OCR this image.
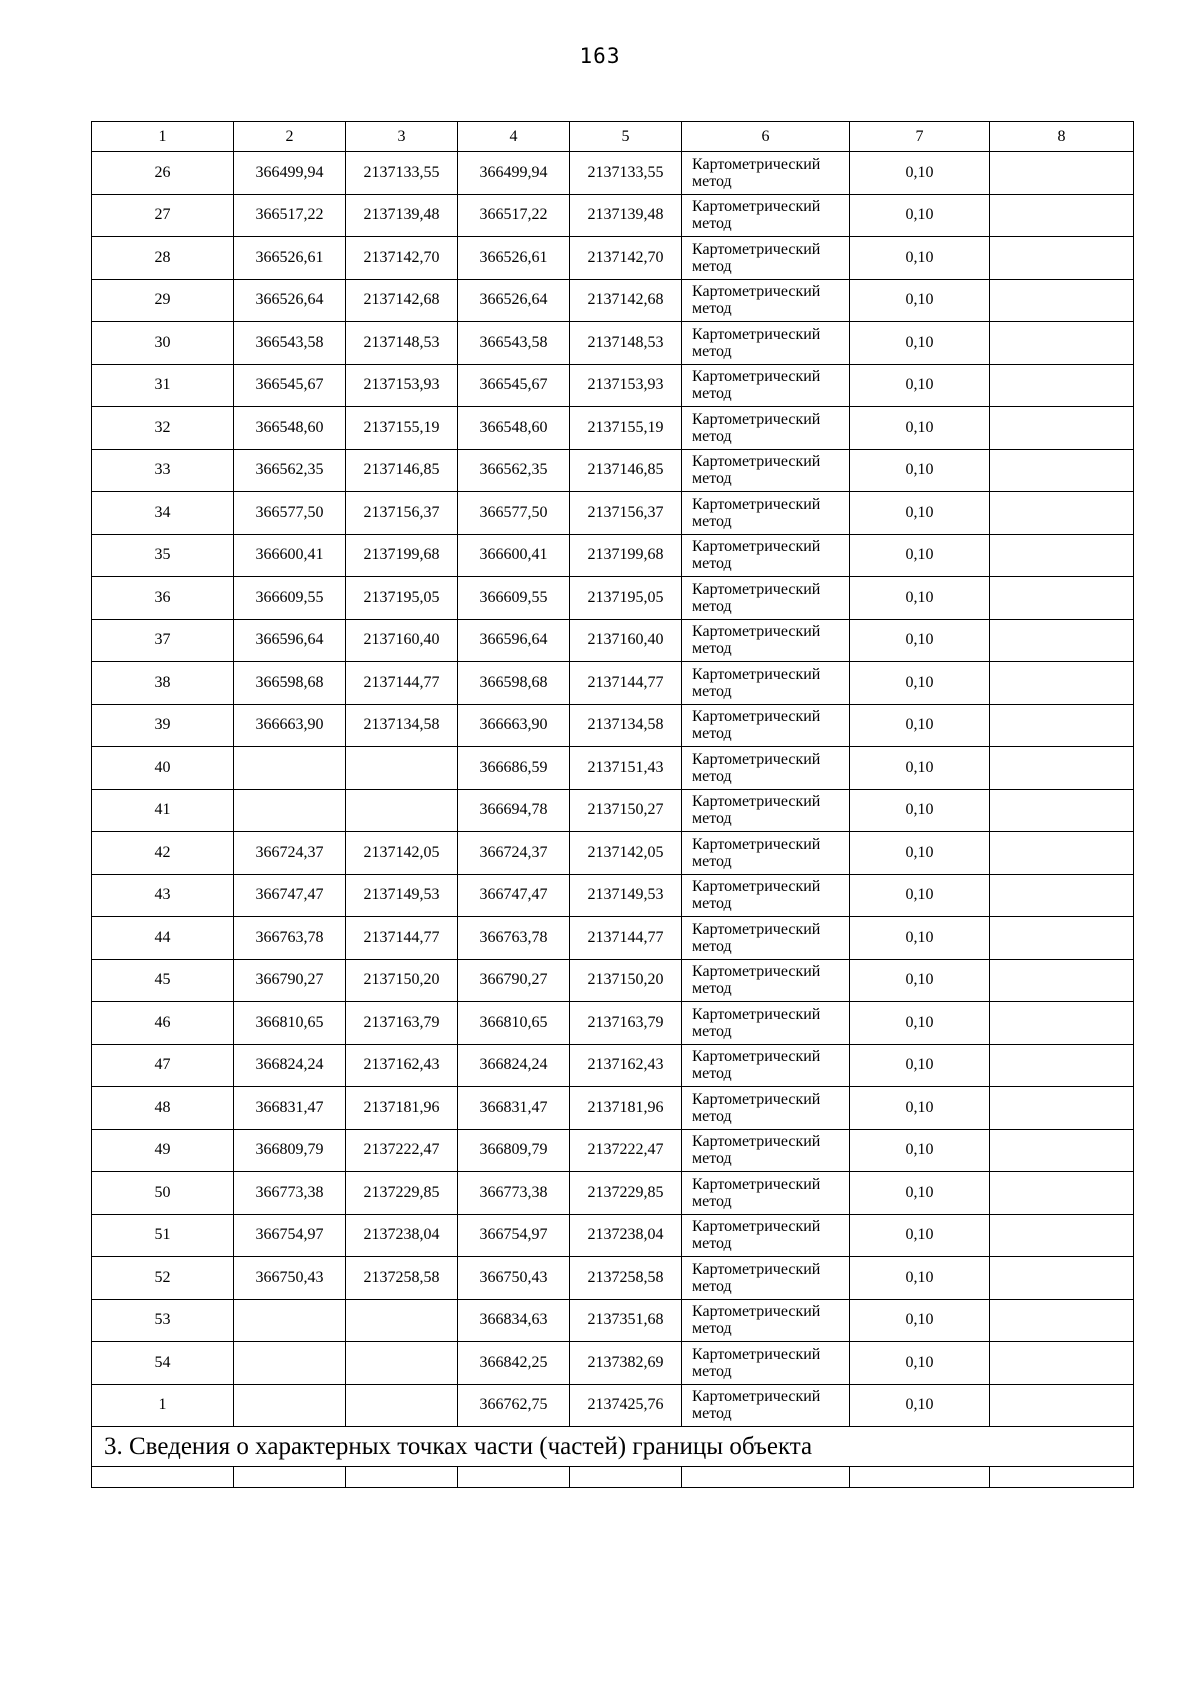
163
1	2	3	4	5	6	7	8
26	366499,94	2137133,55	366499,94	2137133,55	Картометрический метод	0,10	
27	366517,22	2137139,48	366517,22	2137139,48	Картометрический метод	0,10	
28	366526,61	2137142,70	366526,61	2137142,70	Картометрический метод	0,10	
29	366526,64	2137142,68	366526,64	2137142,68	Картометрический метод	0,10	
30	366543,58	2137148,53	366543,58	2137148,53	Картометрический метод	0,10	
31	366545,67	2137153,93	366545,67	2137153,93	Картометрический метод	0,10	
32	366548,60	2137155,19	366548,60	2137155,19	Картометрический метод	0,10	
33	366562,35	2137146,85	366562,35	2137146,85	Картометрический метод	0,10	
34	366577,50	2137156,37	366577,50	2137156,37	Картометрический метод	0,10	
35	366600,41	2137199,68	366600,41	2137199,68	Картометрический метод	0,10	
36	366609,55	2137195,05	366609,55	2137195,05	Картометрический метод	0,10	
37	366596,64	2137160,40	366596,64	2137160,40	Картометрический метод	0,10	
38	366598,68	2137144,77	366598,68	2137144,77	Картометрический метод	0,10	
39	366663,90	2137134,58	366663,90	2137134,58	Картометрический метод	0,10	
40			366686,59	2137151,43	Картометрический метод	0,10	
41			366694,78	2137150,27	Картометрический метод	0,10	
42	366724,37	2137142,05	366724,37	2137142,05	Картометрический метод	0,10	
43	366747,47	2137149,53	366747,47	2137149,53	Картометрический метод	0,10	
44	366763,78	2137144,77	366763,78	2137144,77	Картометрический метод	0,10	
45	366790,27	2137150,20	366790,27	2137150,20	Картометрический метод	0,10	
46	366810,65	2137163,79	366810,65	2137163,79	Картометрический метод	0,10	
47	366824,24	2137162,43	366824,24	2137162,43	Картометрический метод	0,10	
48	366831,47	2137181,96	366831,47	2137181,96	Картометрический метод	0,10	
49	366809,79	2137222,47	366809,79	2137222,47	Картометрический метод	0,10	
50	366773,38	2137229,85	366773,38	2137229,85	Картометрический метод	0,10	
51	366754,97	2137238,04	366754,97	2137238,04	Картометрический метод	0,10	
52	366750,43	2137258,58	366750,43	2137258,58	Картометрический метод	0,10	
53			366834,63	2137351,68	Картометрический метод	0,10	
54			366842,25	2137382,69	Картометрический метод	0,10	
1			366762,75	2137425,76	Картометрический метод	0,10	
3. Сведения о характерных точках части (частей) границы объекта							
